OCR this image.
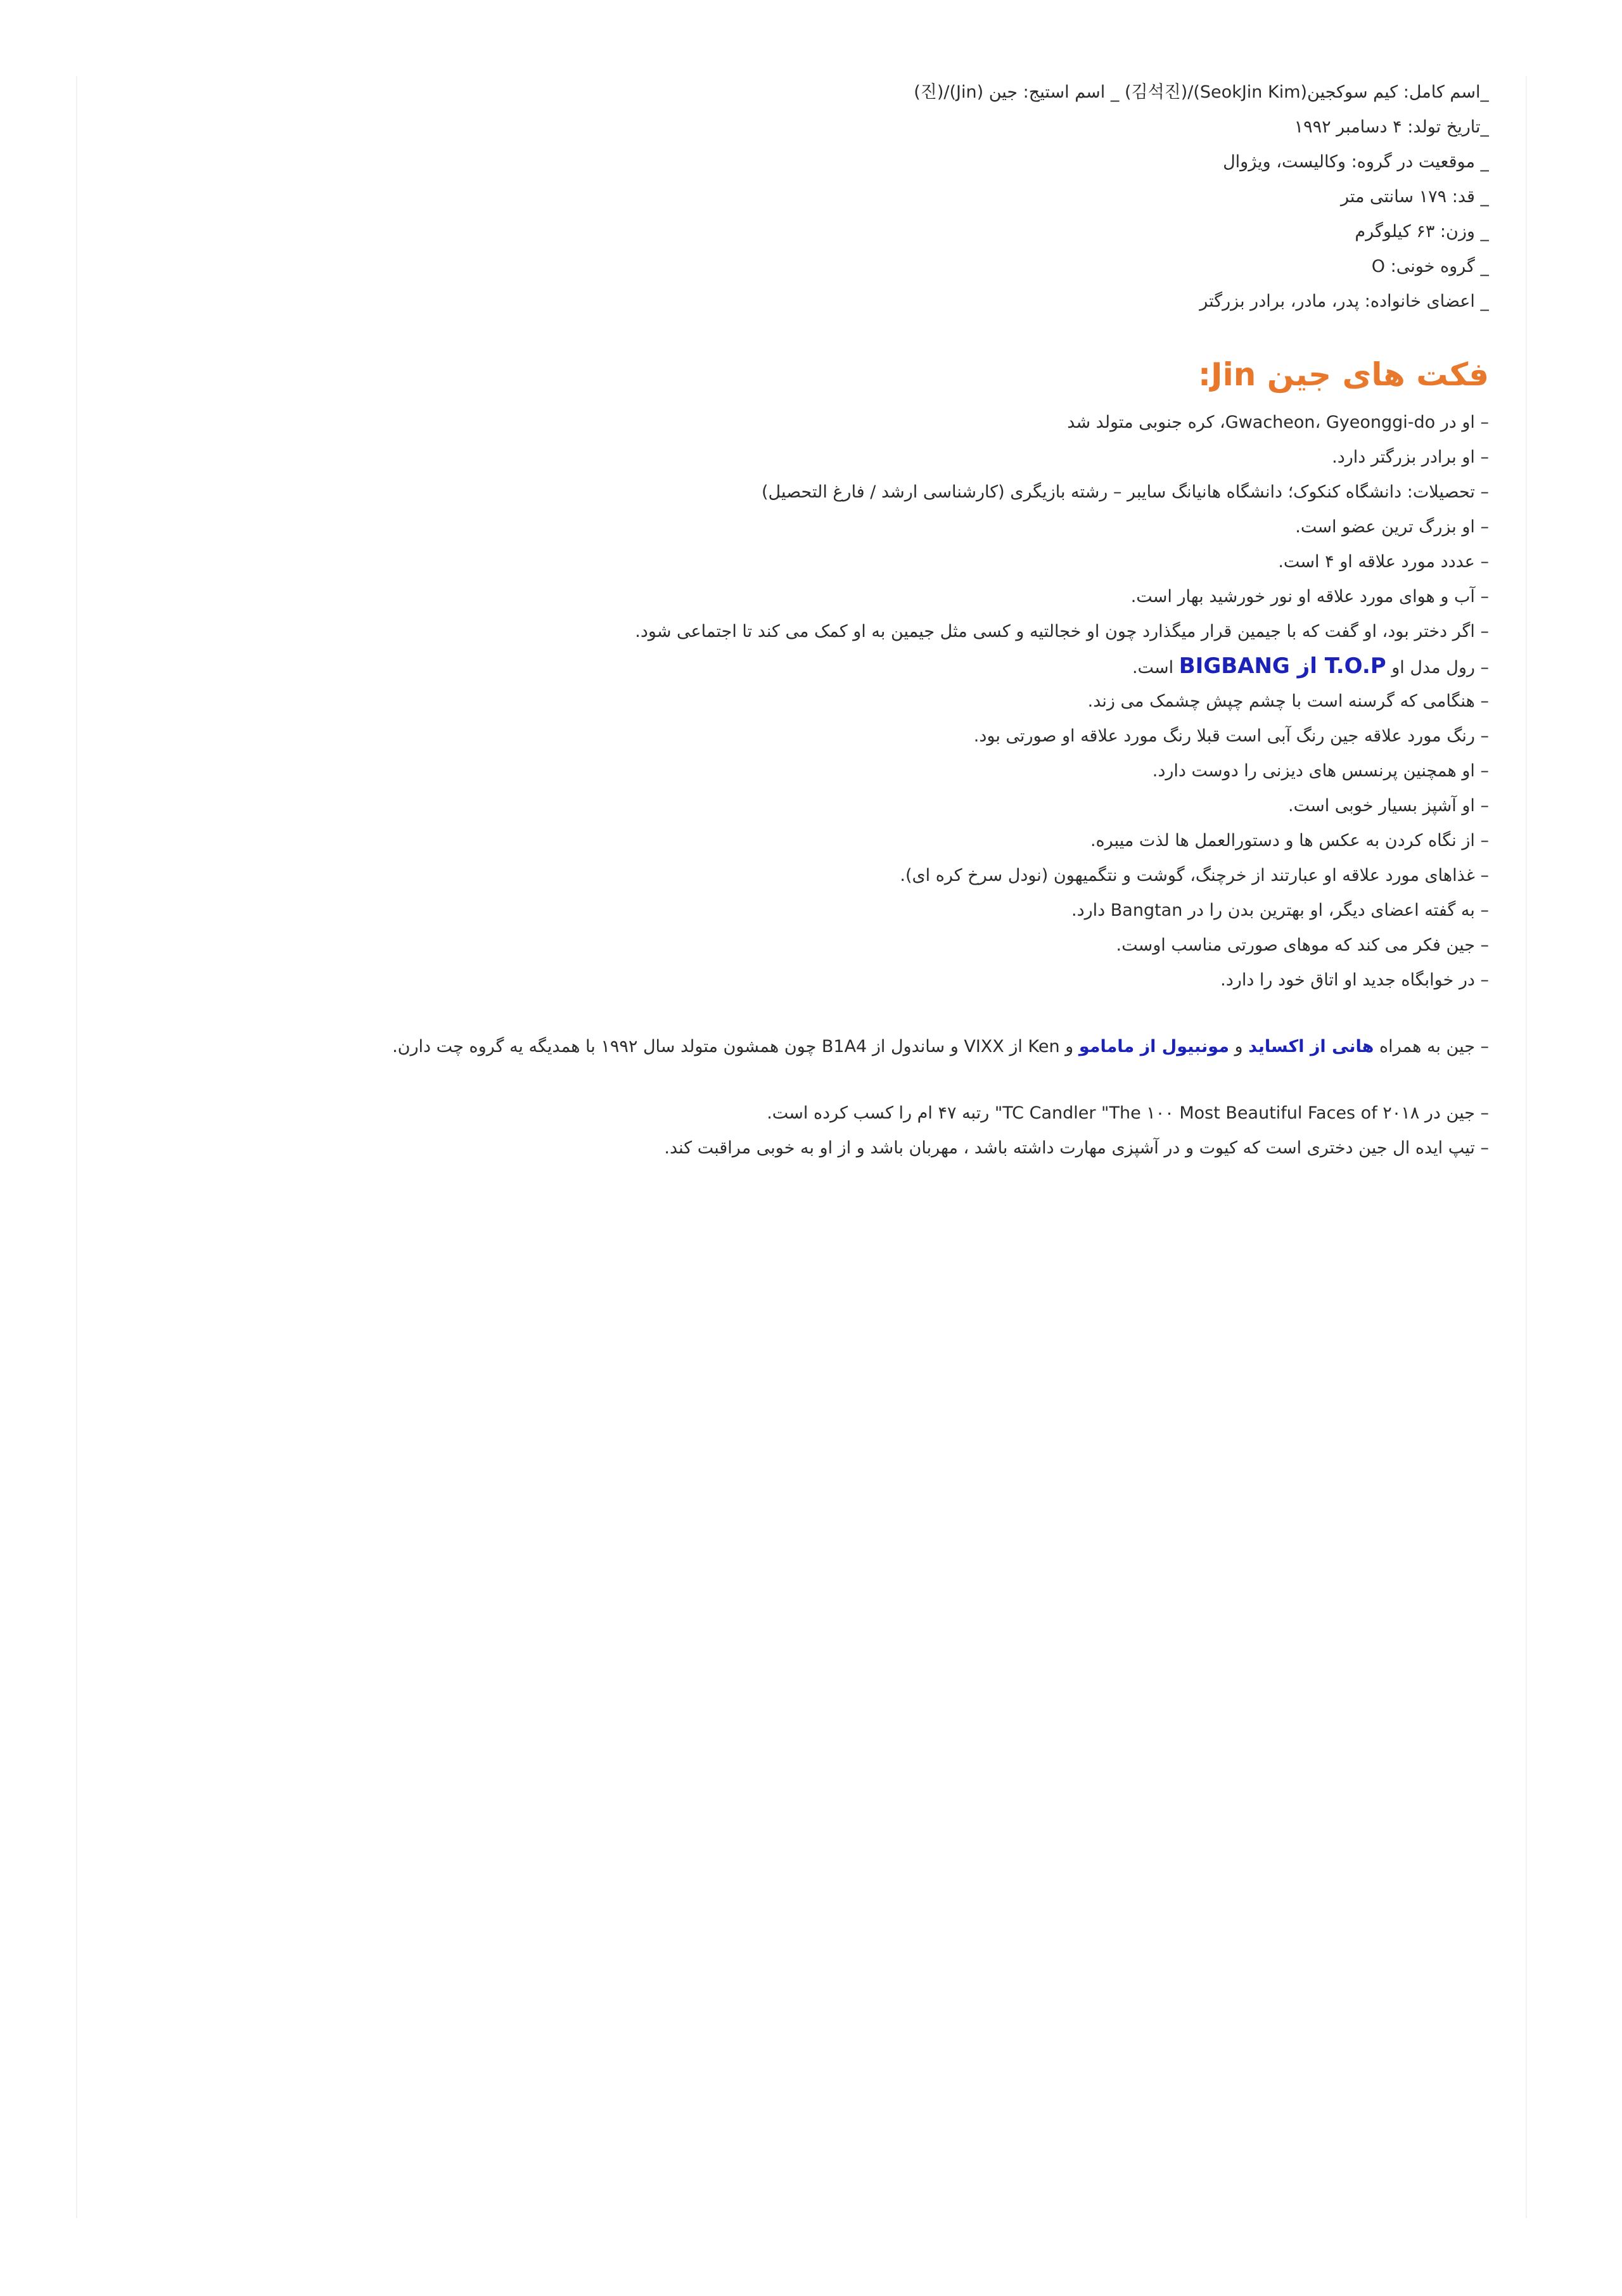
_اسم کامل: کیم سوکجین(SeokJin Kim)/(김석진) _ اسم استیج: جین (Jin)/(진)
_تاریخ تولد: ۴ دسامبر ۱۹۹۲
_ موقعیت در گروه: وکالیست، ویژوال
_ قد: ۱۷۹ سانتی متر
_ وزن: ۶۳ کیلوگرم
_ گروه خونی: O
_ اعضای خانواده: پدر، مادر، برادر بزرگتر
فکت های جین Jin:
– او در Gwacheon، Gyeonggi-do، کره جنوبی متولد شد
– او برادر بزرگتر دارد.
– تحصیلات: دانشگاه کنکوک؛ دانشگاه هانیانگ سایبر – رشته بازیگری (کارشناسی ارشد / فارغ التحصیل)
– او بزرگ ترین عضو است.
– عددد مورد علاقه او ۴ است.
– آب و هوای مورد علاقه او نور خورشید بهار است.
– اگر دختر بود، او گفت که با جیمین قرار میگذارد چون او خجالتیه و کسی مثل جیمین به او کمک می کند تا اجتماعی شود.
– رول مدل او T.O.P از BIGBANG است.
– هنگامی که گرسنه است با چشم چپش چشمک می زند.
– رنگ مورد علاقه جین رنگ آبی است قبلا رنگ مورد علاقه او صورتی بود.
– او همچنین پرنسس های دیزنی را دوست دارد.
– او آشپز بسیار خوبی است.
– از نگاه کردن به عکس ها و دستورالعمل ها لذت میبره.
– غذاهای مورد علاقه او عبارتند از خرچنگ، گوشت و نتگمیهون (نودل سرخ کره ای).
– به گفته اعضای دیگر، او بهترین بدن را در Bangtan دارد.
– جین فکر می کند که موهای صورتی مناسب اوست.
– در خوابگاه جدید او اتاق خود را دارد.
– جین به همراه هانی از اکساید و مونبیول از مامامو و Ken از VIXX و ساندول از B1A4 چون همشون متولد سال ۱۹۹۲ با همدیگه یه گروه چت دارن.
– جین در TC Candler "The ۱۰۰ Most Beautiful Faces of ۲۰۱۸" رتبه ۴۷ ام را کسب کرده است.
– تیپ ایده ال جین دختری است که کیوت و در آشپزی مهارت داشته باشد ، مهربان باشد و از او به خوبی مراقبت کند.
